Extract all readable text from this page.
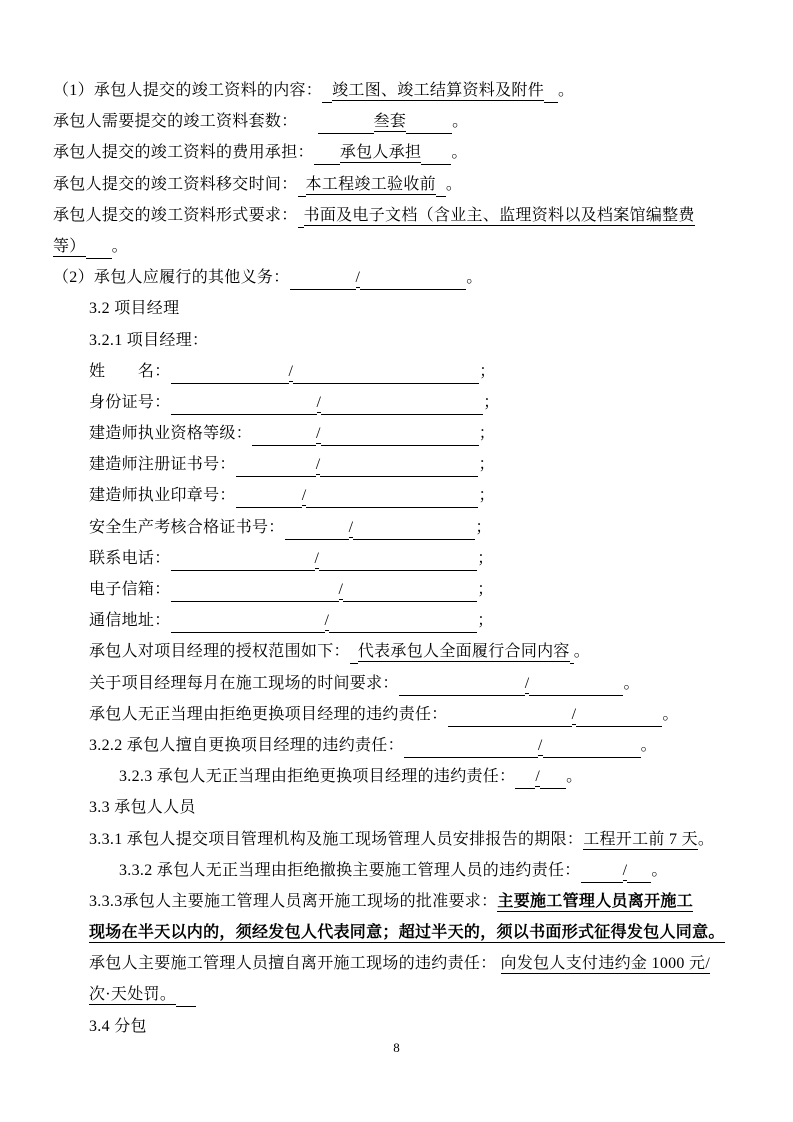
（1）承包人提交的竣工资料的内容： 竣工图、竣工结算资料及附件 。
承包人需要提交的竣工资料套数：	叁套	。
承包人提交的竣工资料的费用承担： 承包人承担 。
承包人提交的竣工资料移交时间： 本工程竣工验收前 。
承包人提交的竣工资料形式要求： 书面及电子文档（含业主、监理资料以及档案馆编整费
等） 。
（2）承包人应履行的其他义务：	/	。
3.2 项目经理
3.2.1 项目经理：
姓　　名：	/	；
身份证号：	/	；
建造师执业资格等级：	/	；
建造师注册证书号：	/	；
建造师执业印章号：	/	；
安全生产考核合格证书号：	/	；
联系电话：	/	；
电子信箱：	/	；
通信地址：	/	；
承包人对项目经理的授权范围如下： 代表承包人全面履行合同内容 。
关于项目经理每月在施工现场的时间要求：	/	。
承包人无正当理由拒绝更换项目经理的违约责任：	/	。
3.2.2 承包人擅自更换项目经理的违约责任：	/	。
3.2.3 承包人无正当理由拒绝更换项目经理的违约责任： / 。
3.3 承包人人员
3.3.1 承包人提交项目管理机构及施工现场管理人员安排报告的期限：工程开工前 7 天。
3.3.2 承包人无正当理由拒绝撤换主要施工管理人员的违约责任：	/ 。
3.3.3承包人主要施工管理人员离开施工现场的批准要求：主要施工管理人员离开施工
现场在半天以内的，须经发包人代表同意；超过半天的，须以书面形式征得发包人同意。
承包人主要施工管理人员擅自离开施工现场的违约责任： 向发包人支付违约金 1000 元/
次·天处罚。
3.4 分包
8
